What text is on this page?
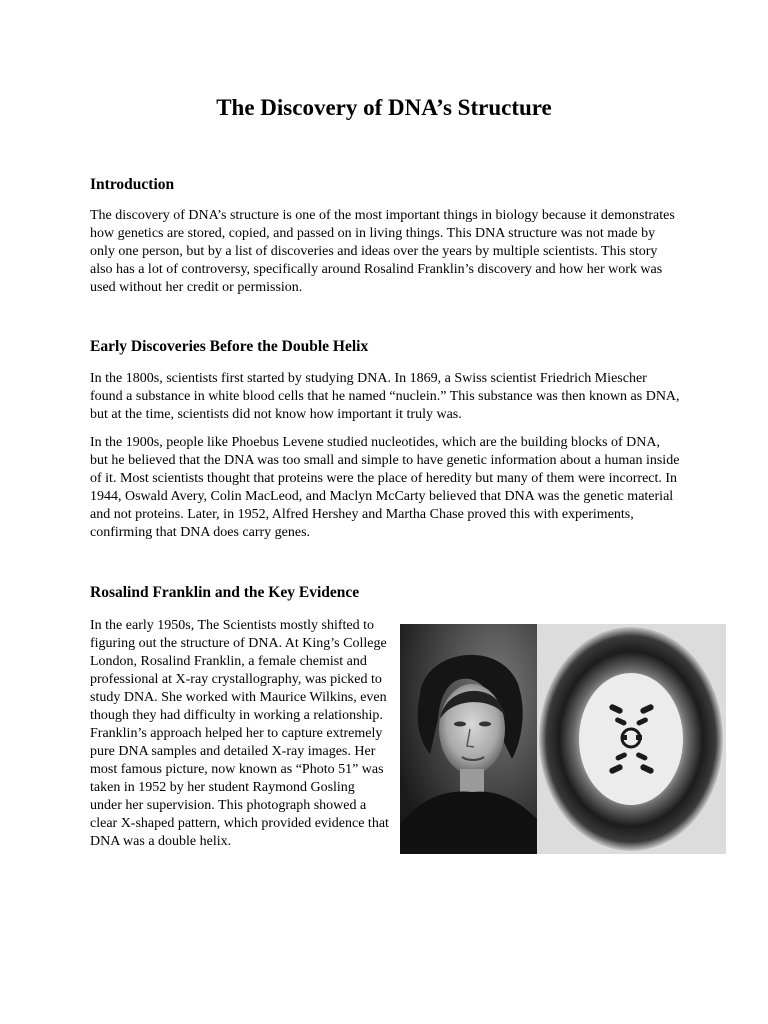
The Discovery of DNA’s Structure
Introduction

The discovery of DNA’s structure is one of the most important things in biology because it demonstrates how genetics are stored, copied, and passed on in living things. This DNA structure was not made by only one person, but by a list of discoveries and ideas over the years by multiple scientists. This story also has a lot of controversy, specifically around Rosalind Franklin’s discovery and how her work was used without her credit or permission.

Early Discoveries Before the Double Helix

In the 1800s, scientists first started by studying DNA. In 1869, a Swiss scientist Friedrich Miescher found a substance in white blood cells that he named “nuclein.” This substance was then known as DNA, but at the time, scientists did not know how important it truly was.

In the 1900s, people like Phoebus Levene studied nucleotides, which are the building blocks of DNA, but he believed that the DNA was too small and simple to have genetic information about a human inside of it. Most scientists thought that proteins were the place of heredity but many of them were incorrect. In 1944, Oswald Avery, Colin MacLeod, and Maclyn McCarty believed that DNA was the genetic material and not proteins. Later, in 1952, Alfred Hershey and Martha Chase proved this with experiments, confirming that DNA does carry genes.

Rosalind Franklin and the Key Evidence

In the early 1950s, The Scientists mostly shifted to figuring out the structure of DNA. At King’s College London, Rosalind Franklin, a female chemist and professional at X-ray crystallography, was picked to study DNA. She worked with Maurice Wilkins, even though they had difficulty in working a relationship. Franklin’s approach helped her to capture extremely pure DNA samples and detailed X-ray images. Her most famous picture, now known as “Photo 51” was taken in 1952 by her student Raymond Gosling under her supervision. This photograph showed a clear X-shaped pattern, which provided evidence that DNA was a double helix.
